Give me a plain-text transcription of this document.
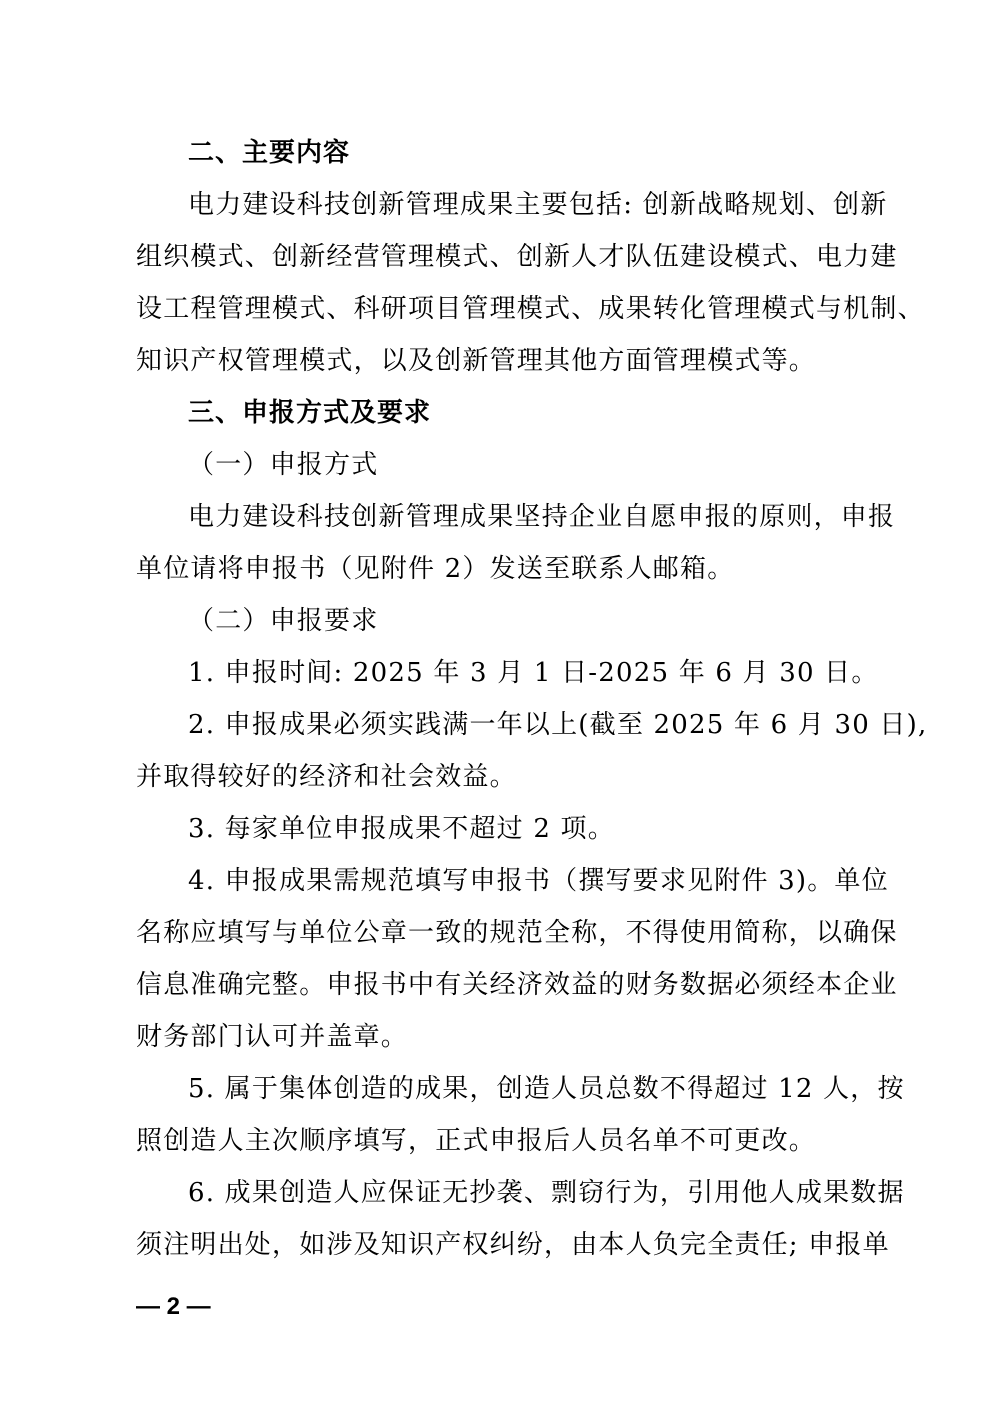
二、主要内容
电力建设科技创新管理成果主要包括: 创新战略规划、创新
组织模式、创新经营管理模式、创新人才队伍建设模式、电力建
设工程管理模式、科研项目管理模式、成果转化管理模式与机制、
知识产权管理模式，以及创新管理其他方面管理模式等。
三、申报方式及要求
（一）申报方式
电力建设科技创新管理成果坚持企业自愿申报的原则，申报
单位请将申报书（见附件 2）发送至联系人邮箱。
（二）申报要求
1. 申报时间: 2025 年 3 月 1 日-2025 年 6 月 30 日。
2. 申报成果必须实践满一年以上(截至 2025 年 6 月 30 日),
并取得较好的经济和社会效益。
3. 每家单位申报成果不超过 2 项。
4. 申报成果需规范填写申报书（撰写要求见附件 3)。单位
名称应填写与单位公章一致的规范全称，不得使用简称，以确保
信息准确完整。申报书中有关经济效益的财务数据必须经本企业
财务部门认可并盖章。
5. 属于集体创造的成果，创造人员总数不得超过 12 人，按
照创造人主次顺序填写，正式申报后人员名单不可更改。
6. 成果创造人应保证无抄袭、剽窃行为，引用他人成果数据
须注明出处，如涉及知识产权纠纷，由本人负完全责任; 申报单
— 2 —
